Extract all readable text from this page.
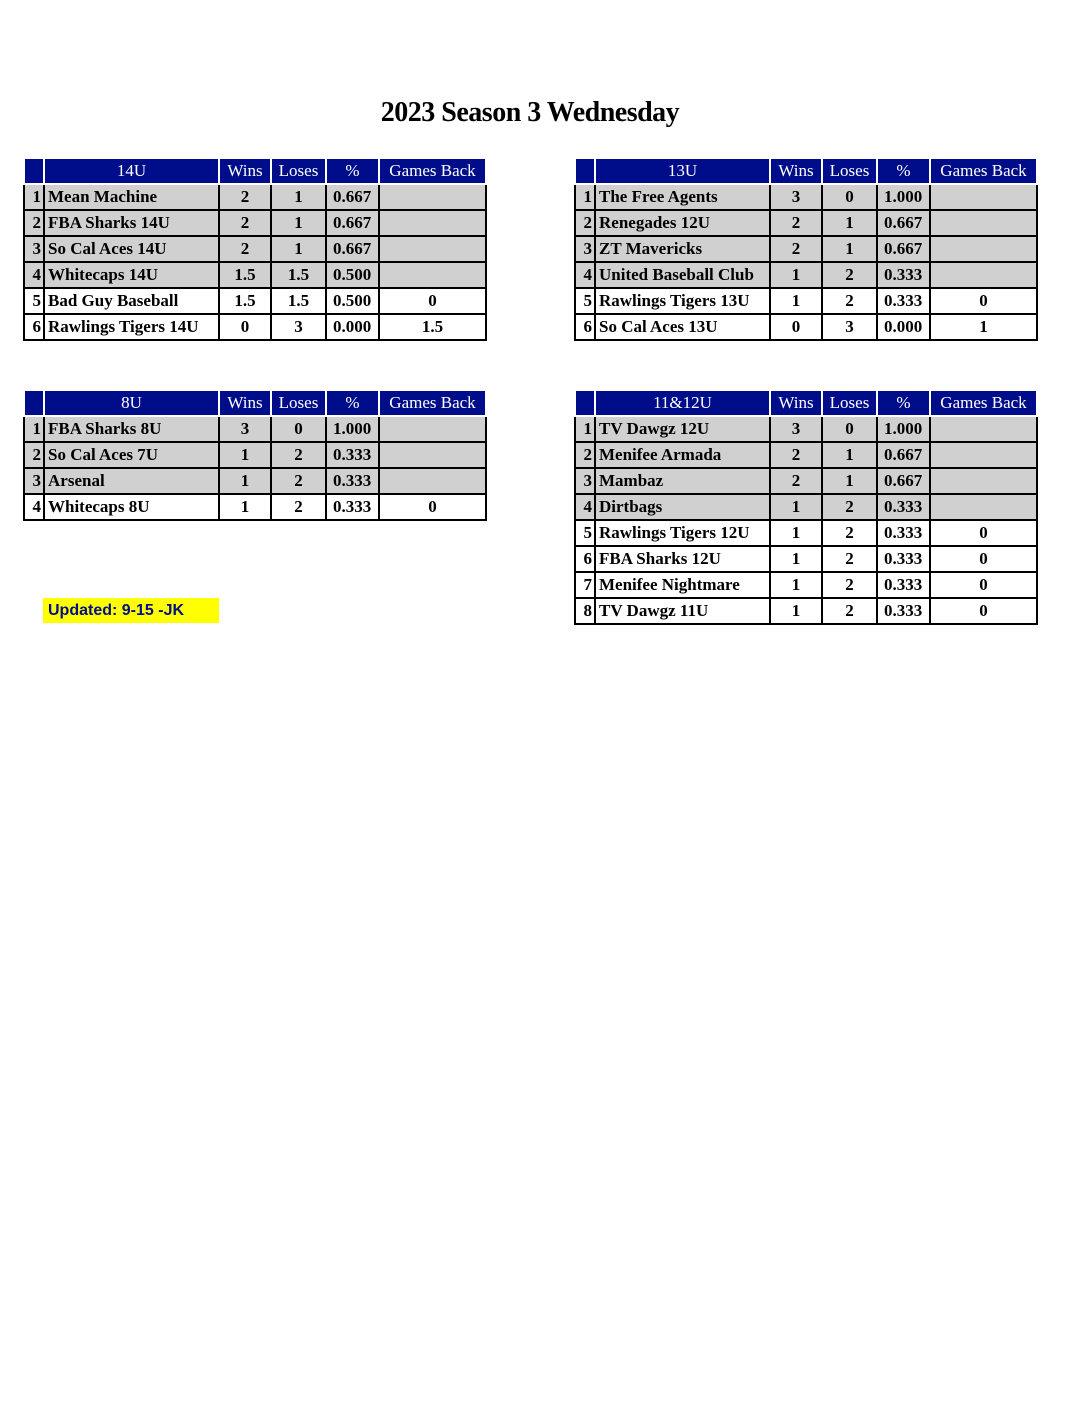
2023 Season 3 Wednesday
	14U	Wins	Loses	%	Games Back
1	Mean Machine	2	1	0.667	
2	FBA Sharks 14U	2	1	0.667	
3	So Cal Aces 14U	2	1	0.667	
4	Whitecaps 14U	1.5	1.5	0.500	
5	Bad Guy Baseball	1.5	1.5	0.500	0
6	Rawlings Tigers 14U	0	3	0.000	1.5
	13U	Wins	Loses	%	Games Back
1	The Free Agents	3	0	1.000	
2	Renegades 12U	2	1	0.667	
3	ZT Mavericks	2	1	0.667	
4	United Baseball Club	1	2	0.333	
5	Rawlings Tigers 13U	1	2	0.333	0
6	So Cal Aces 13U	0	3	0.000	1
	8U	Wins	Loses	%	Games Back
1	FBA Sharks 8U	3	0	1.000	
2	So Cal Aces 7U	1	2	0.333	
3	Arsenal	1	2	0.333	
4	Whitecaps 8U	1	2	0.333	0
	11&12U	Wins	Loses	%	Games Back
1	TV Dawgz 12U	3	0	1.000	
2	Menifee Armada	2	1	0.667	
3	Mambaz	2	1	0.667	
4	Dirtbags	1	2	0.333	
5	Rawlings Tigers 12U	1	2	0.333	0
6	FBA Sharks 12U	1	2	0.333	0
7	Menifee Nightmare	1	2	0.333	0
8	TV Dawgz 11U	1	2	0.333	0
Updated: 9-15 -JK
